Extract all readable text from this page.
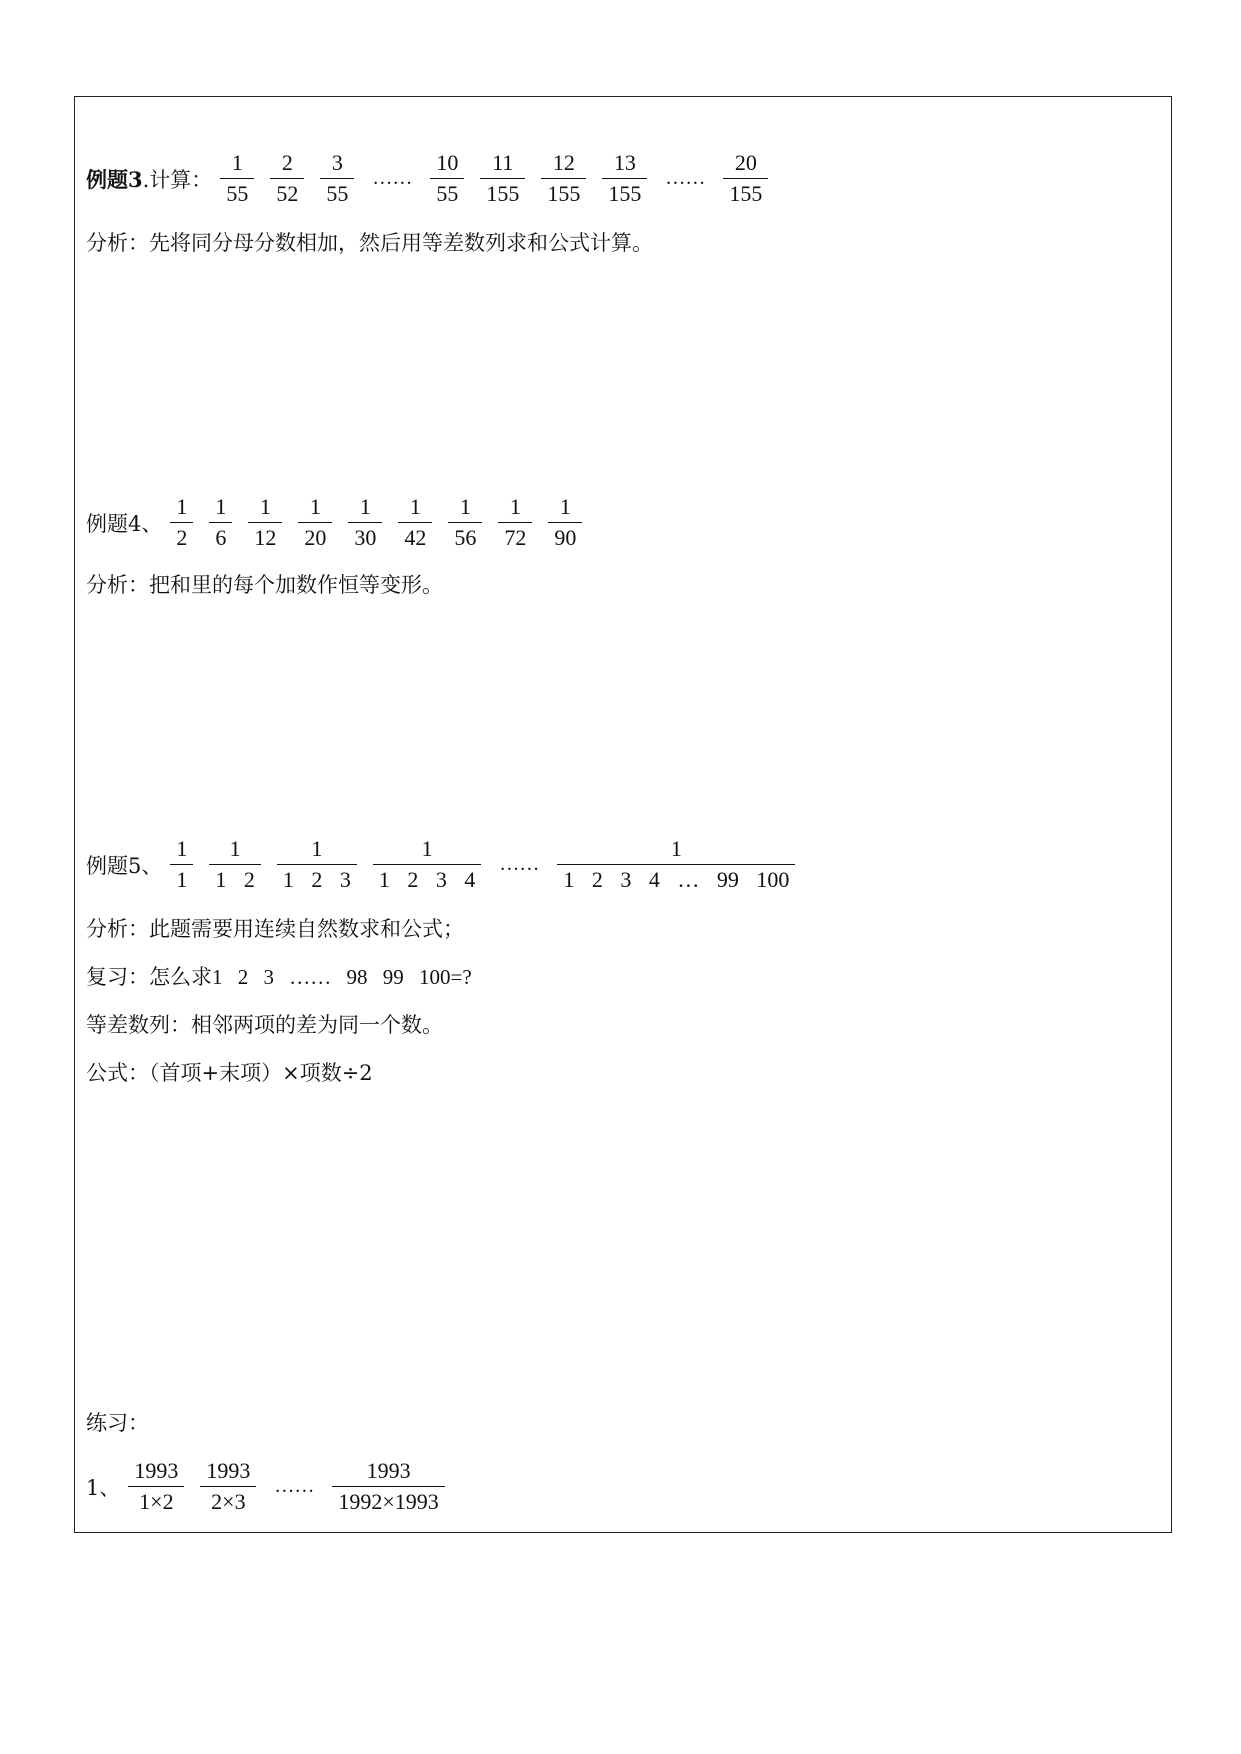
例题3.计算： $\frac{1}{55} \frac{2}{52} \frac{3}{55}$ …… $\frac{10}{55} \frac{11}{155} \frac{12}{155} \frac{13}{155}$ …… $\frac{20}{155}$
分析：先将同分母分数相加，然后用等差数列求和公式计算。
例题4、 $\frac{1}{2} \frac{1}{6} \frac{1}{12} \frac{1}{20} \frac{1}{30} \frac{1}{42} \frac{1}{56} \frac{1}{72} \frac{1}{90}$
分析：把和里的每个加数作恒等变形。
例题5、 $\frac{1}{1} \frac{1}{1 2} \frac{1}{1 2 3} \frac{1}{1 2 3 4}$ …… $\frac{1}{1 2 3 4 \dots 99 100}$
分析：此题需要用连续自然数求和公式；
复习：怎么求 1 2 3 …… 98 99 100=?
等差数列：相邻两项的差为同一个数。
公式：（首项+末项）×项数÷2
练习：
1、 $\frac{1993}{1\times 2} \frac{1993}{2\times 3}$ …… $\frac{1993}{1992\times 1993}$
